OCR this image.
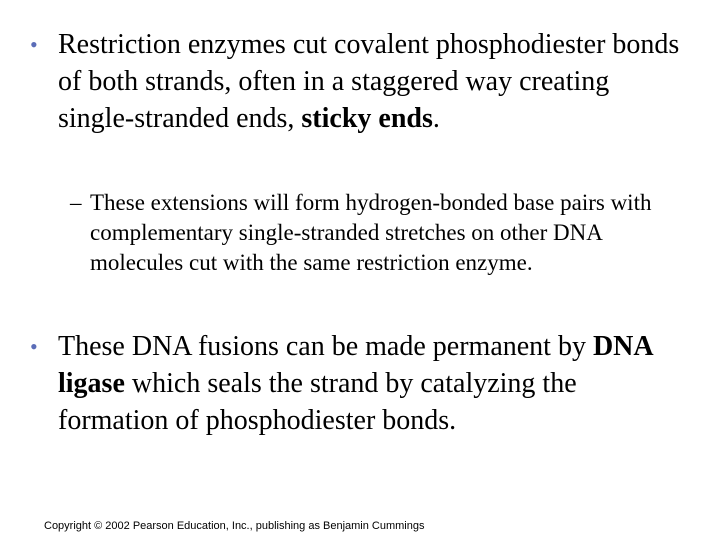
• Restriction enzymes cut covalent phosphodiester bonds of both strands, often in a staggered way creating single-stranded ends, sticky ends.
– These extensions will form hydrogen-bonded base pairs with complementary single-stranded stretches on other DNA molecules cut with the same restriction enzyme.
• These DNA fusions can be made permanent by DNA ligase which seals the strand by catalyzing the formation of phosphodiester bonds.
Copyright © 2002 Pearson Education, Inc., publishing as Benjamin Cummings
